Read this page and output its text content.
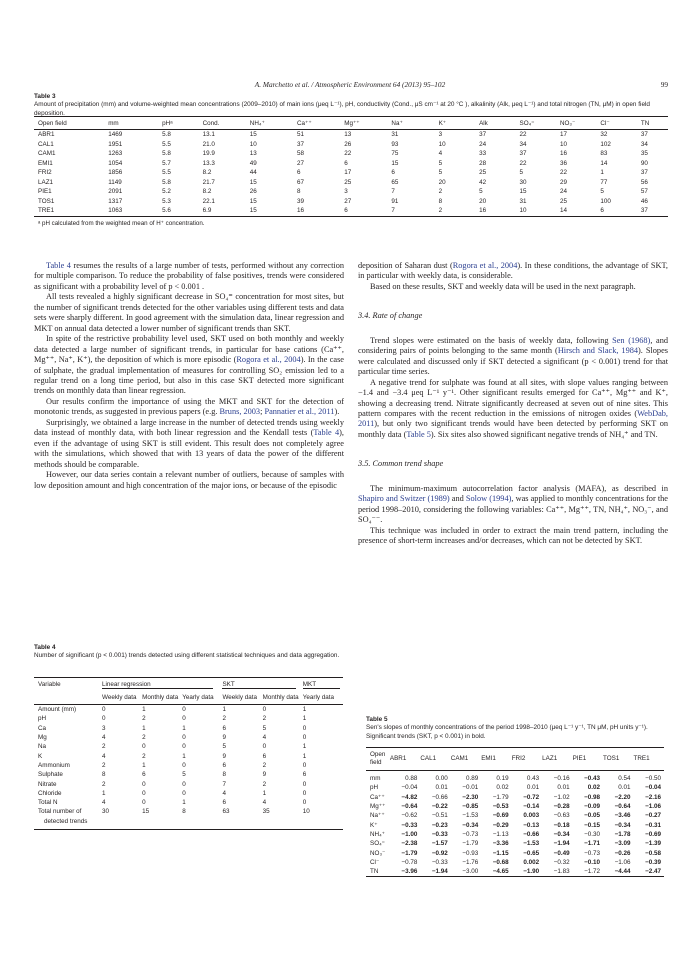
A. Marchetto et al. / Atmospheric Environment 64 (2013) 95–102	99
Table 3
Amount of precipitation (mm) and volume-weighted mean concentrations (2009–2010) of main ions (μeq L⁻¹), pH, conductivity (Cond., μS cm⁻¹ at 20 °C ), alkalinity (Alk, μeq L⁻¹) and total nitrogen (TN, μM) in open field deposition.
Open field	mm	pHᵃ	Cond.	NH₄⁺	Ca⁺⁺	Mg⁺⁺	Na⁺	K⁺	Alk	SO₄⁼	NO₃⁻	Cl⁻	TN
ABR1	1469	5.8	13.1	15	51	13	31	3	37	22	17	32	37
CAL1	1951	5.5	21.0	10	37	26	93	10	24	34	10	102	34
CAM1	1263	5.8	19.9	13	58	22	75	4	33	37	16	83	35
EMI1	1054	5.7	13.3	49	27	6	15	5	28	22	36	14	90
FRI2	1856	5.5	8.2	44	6	17	6	5	25	5	22	1	37
LAZ1	1149	5.8	21.7	15	67	25	65	20	42	30	29	77	56
PIE1	2091	5.2	8.2	26	8	3	7	2	5	15	24	5	57
TOS1	1317	5.3	22.1	15	39	27	91	8	20	31	25	100	46
TRE1	1063	5.6	6.9	15	16	6	7	2	16	10	14	6	37
ᵃ pH calculated from the weighted mean of H⁺ concentration.

Table 4 resumes the results of a large number of tests, performed without any correction for multiple comparison. To reduce the probability of false positives, trends were considered as significant with a probability level of p < 0.001 .

All tests revealed a highly significant decrease in SO₄⁼ concentration for most sites, but the number of significant trends detected for the other variables using different tests and data sets were sharply different. In good agreement with the simulation data, linear regression and MKT on annual data detected a lower number of significant trends than SKT.

In spite of the restrictive probability level used, SKT used on both monthly and weekly data detected a large number of significant trends, in particular for base cations (Ca⁺⁺, Mg⁺⁺, Na⁺, K⁺), the deposition of which is more episodic (Rogora et al., 2004). In the case of sulphate, the gradual implementation of measures for controlling SO₂ emission led to a regular trend on a long time period, but also in this case SKT detected more significant trends on monthly data than linear regression.

Our results confirm the importance of using the MKT and SKT for the detection of monotonic trends, as suggested in previous papers (e.g. Bruns, 2003; Pannatier et al., 2011).

Surprisingly, we obtained a large increase in the number of detected trends using weekly data instead of monthly data, with both linear regression and the Kendall tests (Table 4), even if the advantage of using SKT is still evident. This result does not completely agree with the simulations, which showed that with 13 years of data the power of the different methods should be comparable.

However, our data series contain a relevant number of outliers, because of samples with low deposition amount and high concentration of the major ions, or because of the episodic

Table 4
Number of significant (p < 0.001) trends detected using different statistical techniques and data aggregation.
Variable	Linear regression			SKT		MKT
	Weekly data	Monthly data	Yearly data	Weekly data	Monthly data	Yearly data
Amount (mm)	0	1	0	1	0	1
pH	0	2	0	2	2	1
Ca	3	1	1	6	5	0
Mg	4	2	0	9	4	0
Na	2	0	0	5	0	1
K	4	2	1	9	6	1
Ammonium	2	1	0	6	2	0
Sulphate	8	6	5	8	9	6
Nitrate	2	0	0	7	2	0
Chloride	1	0	0	4	1	0
Total N	4	0	1	6	4	0
Total number of	30	15	8	63	35	10
detected trends						

deposition of Saharan dust (Rogora et al., 2004). In these conditions, the advantage of SKT, in particular with weekly data, is considerable.

Based on these results, SKT and weekly data will be used in the next paragraph.

3.4. Rate of change

Trend slopes were estimated on the basis of weekly data, following Sen (1968), and considering pairs of points belonging to the same month (Hirsch and Slack, 1984). Slopes were calculated and discussed only if SKT detected a significant (p < 0.001) trend for that particular time series.

A negative trend for sulphate was found at all sites, with slope values ranging between −1.4 and −3.4 μeq L⁻¹ y⁻¹. Other significant results emerged for Ca⁺⁺, Mg⁺⁺ and K⁺, showing a decreasing trend. Nitrate significantly decreased at seven out of nine sites. This pattern compares with the recent reduction in the emissions of nitrogen oxides (WebDab, 2011), but only two significant trends would have been detected by performing SKT on monthly data (Table 5). Six sites also showed significant negative trends of NH₄⁺ and TN.

3.5. Common trend shape

The minimum-maximum autocorrelation factor analysis (MAFA), as described in Shapiro and Switzer (1989) and Solow (1994), was applied to monthly concentrations for the period 1998–2010, considering the following variables: Ca⁺⁺, Mg⁺⁺, TN, NH₄⁺, NO₃⁻, and SO₄⁻⁻.

This technique was included in order to extract the main trend pattern, including the presence of short-term increases and/or decreases, which can not be detected by SKT.

Table 5
Sen's slopes of monthly concentrations of the period 1998–2010 (μeq L⁻¹ y⁻¹, TN μM, pH units y⁻¹). Significant trends (SKT, p < 0.001) in bold.
Open field	ABR1	CAL1	CAM1	EMI1	FRI2	LAZ1	PIE1	TOS1	TRE1
mm	0.88	0.00	0.89	0.19	0.43	−0.16	−0.43	0.54	−0.50
pH	−0.04	0.01	−0.01	0.02	0.01	0.01	0.02	0.01	−0.04
Ca⁺⁺	−4.82	−0.66	−2.30	−1.79	−0.72	−1.02	−0.98	−2.20	−2.16
Mg⁺⁺	−0.64	−0.22	−0.85	−0.53	−0.14	−0.28	−0.09	−0.64	−1.06
Na⁺⁺	−0.62	−0.51	−1.53	−0.69	0.003	−0.63	−0.05	−3.46	−0.27
K⁺	−0.33	−0.23	−0.34	−0.29	−0.13	−0.18	−0.15	−0.34	−0.31
NH₄⁺	−1.00	−0.33	−0.73	−1.13	−0.66	−0.34	−0.30	−1.78	−0.69
SO₄⁼	−2.38	−1.57	−1.79	−3.36	−1.53	−1.94	−1.71	−3.09	−1.39
NO₃⁻	−1.79	−0.92	−0.93	−1.15	−0.65	−0.49	−0.73	−0.26	−0.58
Cl⁻	−0.78	−0.33	−1.76	−0.68	0.002	−0.32	−0.10	−1.06	−0.39
TN	−3.96	−1.94	−3.00	−4.65	−1.90	−1.83	−1.72	−4.44	−2.47
